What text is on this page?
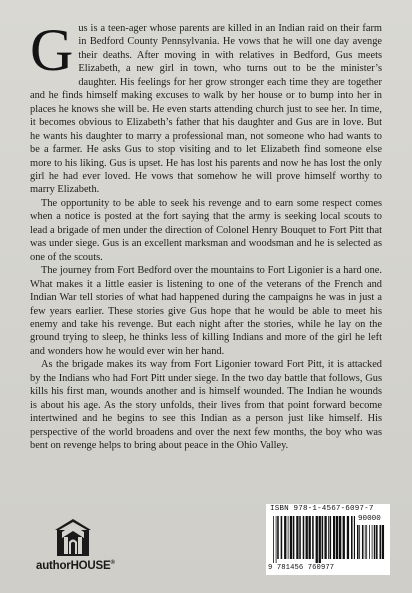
Gus is a teen-ager whose parents are killed in an Indian raid on their farm in Bedford County Pennsylvania. He vows that he will one day avenge their deaths. After moving in with relatives in Bedford, Gus meets Elizabeth, a new girl in town, who turns out to be the minister’s daughter. His feelings for her grow stronger each time they are together and he finds himself making excuses to walk by her house or to bump into her in places he knows she will be. He even starts attending church just to see her. In time, it becomes obvious to Elizabeth’s father that his daughter and Gus are in love. But he wants his daughter to marry a professional man, not someone who had wants to be a farmer. He asks Gus to stop visiting and to let Elizabeth find someone else more to his liking. Gus is upset. He has lost his parents and now he has lost the only girl he had ever loved. He vows that somehow he will prove himself worthy to marry Elizabeth.

The opportunity to be able to seek his revenge and to earn some respect comes when a notice is posted at the fort saying that the army is seeking local scouts to lead a brigade of men under the direction of Colonel Henry Bouquet to Fort Pitt that was under siege. Gus is an excellent marksman and woodsman and he is selected as one of the scouts.

The journey from Fort Bedford over the mountains to Fort Ligonier is a hard one. What makes it a little easier is listening to one of the veterans of the French and Indian War tell stories of what had happened during the campaigns he was in just a few years earlier. These stories give Gus hope that he would be able to meet his enemy and take his revenge. But each night after the stories, while he lay on the ground trying to sleep, he thinks less of killing Indians and more of the girl he left and wonders how he would ever win her hand.

As the brigade makes its way from Fort Ligonier toward Fort Pitt, it is attacked by the Indians who had Fort Pitt under siege. In the two day battle that follows, Gus kills his first man, wounds another and is himself wounded. The Indian he wounds is about his age. As the story unfolds, their lives from that point forward become intertwined and he begins to see this Indian as a person just like himself. His perspective of the world broadens and over the next few months, the boy who was bent on revenge helps to bring about peace in the Ohio Valley.

authorHOUSE®
ISBN 978-1-4567-6097-7
90000
9 781456 760977
